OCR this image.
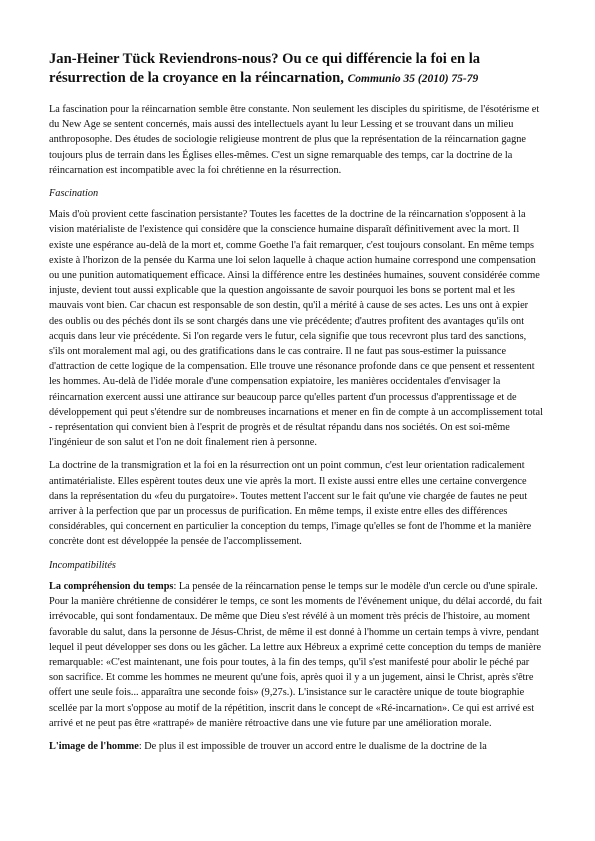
Jan-Heiner Tück Reviendrons-nous? Ou ce qui différencie la foi en la résurrection de la croyance en la réincarnation, Communio 35 (2010) 75-79

La fascination pour la réincarnation semble être constante. Non seulement les disciples du spiritisme, de l'ésotérisme et du New Age se sentent concernés, mais aussi des intellectuels ayant lu leur Lessing et se trouvant dans un milieu anthroposophe. Des études de sociologie religieuse montrent de plus que la représentation de la réincarnation gagne toujours plus de terrain dans les Églises elles-mêmes. C'est un signe remarquable des temps, car la doctrine de la réincarnation est incompatible avec la foi chrétienne en la résurrection.

Fascination

Mais d'où provient cette fascination persistante? Toutes les facettes de la doctrine de la réincarnation s'opposent à la vision matérialiste de l'existence qui considère que la conscience humaine disparaît définitivement avec la mort. Il existe une espérance au-delà de la mort et, comme Goethe l'a fait remarquer, c'est toujours consolant. En même temps existe à l'horizon de la pensée du Karma une loi selon laquelle à chaque action humaine correspond une compensation ou une punition automatiquement efficace. Ainsi la différence entre les destinées humaines, souvent considérée comme injuste, devient tout aussi explicable que la question angoissante de savoir pourquoi les bons se portent mal et les mauvais vont bien. Car chacun est responsable de son destin, qu'il a mérité à cause de ses actes. Les uns ont à expier des oublis ou des péchés dont ils se sont chargés dans une vie précédente; d'autres profitent des avantages qu'ils ont acquis dans leur vie précédente. Si l'on regarde vers le futur, cela signifie que tous recevront plus tard des sanctions, s'ils ont moralement mal agi, ou des gratifications dans le cas contraire. Il ne faut pas sous-estimer la puissance d'attraction de cette logique de la compensation. Elle trouve une résonance profonde dans ce que pensent et ressentent les hommes. Au-delà de l'idée morale d'une compensation expiatoire, les manières occidentales d'envisager la réincarnation exercent aussi une attirance sur beaucoup parce qu'elles partent d'un processus d'apprentissage et de développement qui peut s'étendre sur de nombreuses incarnations et mener en fin de compte à un accomplissement total - représentation qui convient bien à l'esprit de progrès et de résultat répandu dans nos sociétés. On est soi-même l'ingénieur de son salut et l'on ne doit finalement rien à personne.

La doctrine de la transmigration et la foi en la résurrection ont un point commun, c'est leur orientation radicalement antimatérialiste. Elles espèrent toutes deux une vie après la mort. Il existe aussi entre elles une certaine convergence dans la représentation du «feu du purgatoire». Toutes mettent l'accent sur le fait qu'une vie chargée de fautes ne peut arriver à la perfection que par un processus de purification. En même temps, il existe entre elles des différences considérables, qui concernent en particulier la conception du temps, l'image qu'elles se font de l'homme et la manière concrète dont est développée la pensée de l'accomplissement.

Incompatibilités

La compréhension du temps: La pensée de la réincarnation pense le temps sur le modèle d'un cercle ou d'une spirale. Pour la manière chrétienne de considérer le temps, ce sont les moments de l'événement unique, du délai accordé, du fait irrévocable, qui sont fondamentaux. De même que Dieu s'est révélé à un moment très précis de l'histoire, au moment favorable du salut, dans la personne de Jésus-Christ, de même il est donné à l'homme un certain temps à vivre, pendant lequel il peut développer ses dons ou les gâcher. La lettre aux Hébreux a exprimé cette conception du temps de manière remarquable: «C'est maintenant, une fois pour toutes, à la fin des temps, qu'il s'est manifesté pour abolir le péché par son sacrifice. Et comme les hommes ne meurent qu'une fois, après quoi il y a un jugement, ainsi le Christ, après s'être offert une seule fois... apparaîtra une seconde fois» (9,27s.). L'insistance sur le caractère unique de toute biographie scellée par la mort s'oppose au motif de la répétition, inscrit dans le concept de «Ré-incarnation». Ce qui est arrivé est arrivé et ne peut pas être «rattrapé» de manière rétroactive dans une vie future par une amélioration morale.

L'image de l'homme: De plus il est impossible de trouver un accord entre le dualisme de la doctrine de la
